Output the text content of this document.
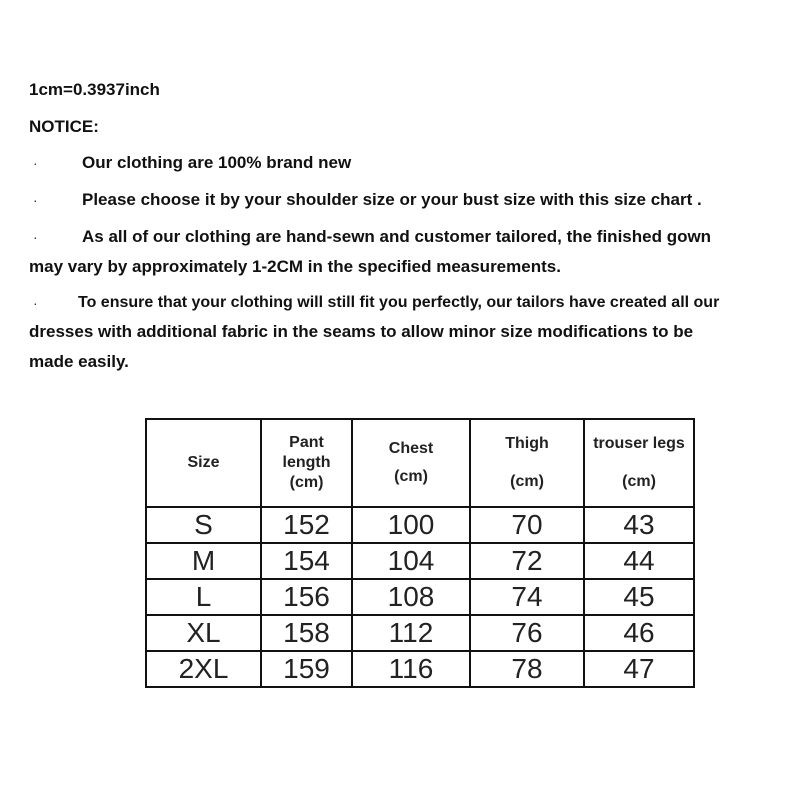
1cm=0.3937inch
NOTICE:
·	Our clothing are 100% brand new
·	Please choose it by your shoulder size or your bust size with this size chart .
·	As all of our clothing are hand-sewn and customer tailored, the finished gown
may vary by approximately 1-2CM in the specified measurements.
·	To ensure that your clothing will still fit you perfectly, our tailors have created all our
dresses with additional fabric in the seams to allow minor size modifications to be
made easily.
Size	Pant
length
(cm)	Chest
(cm)	Thigh
(cm)	trouser legs
(cm)

S	152	100	70	43
M	154	104	72	44
L	156	108	74	45
XL	158	112	76	46
2XL	159	116	78	47
